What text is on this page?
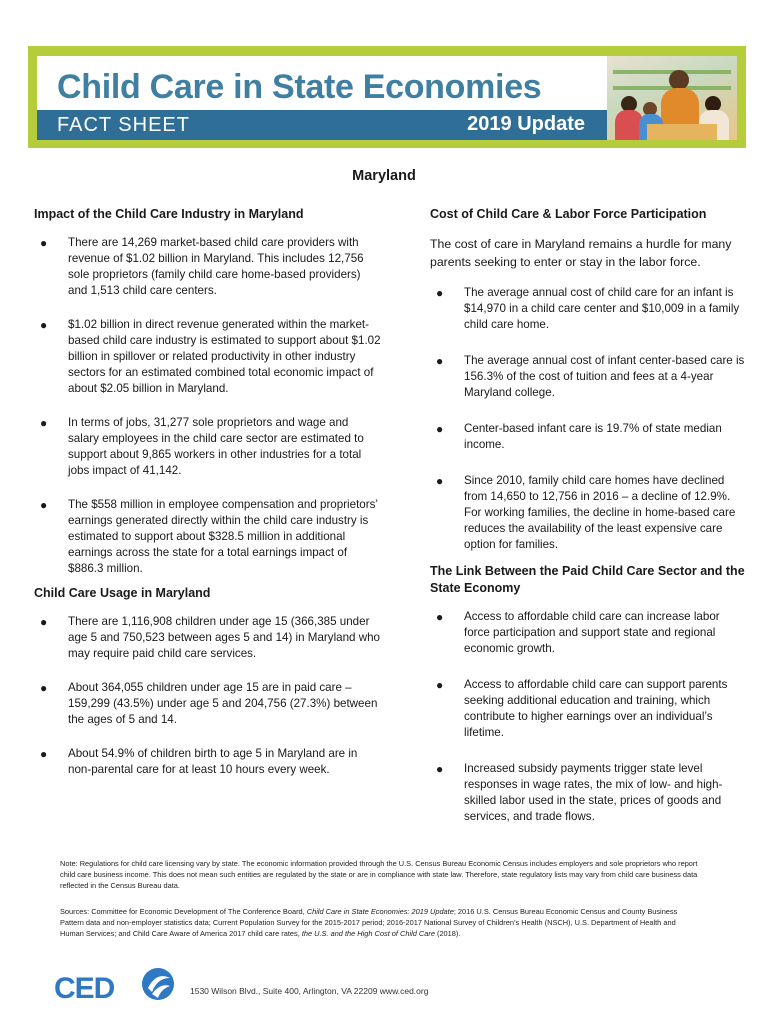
Child Care in State Economies
FACT SHEET	2019 Update
Maryland
Impact of the Child Care Industry in Maryland
● There are 14,269 market-based child care providers with revenue of $1.02 billion in Maryland. This includes 12,756 sole proprietors (family child care home-based providers) and 1,513 child care centers.
● $1.02 billion in direct revenue generated within the market-based child care industry is estimated to support about $1.02 billion in spillover or related productivity in other industry sectors for an estimated combined total economic impact of about $2.05 billion in Maryland.
● In terms of jobs, 31,277 sole proprietors and wage and salary employees in the child care sector are estimated to support about 9,865 workers in other industries for a total jobs impact of 41,142.
● The $558 million in employee compensation and proprietors’ earnings generated directly within the child care industry is estimated to support about $328.5 million in additional earnings across the state for a total earnings impact of $886.3 million.
Child Care Usage in Maryland
● There are 1,116,908 children under age 15 (366,385 under age 5 and 750,523 between ages 5 and 14) in Maryland who may require paid child care services.
● About 364,055 children under age 15 are in paid care – 159,299 (43.5%) under age 5 and 204,756 (27.3%) between the ages of 5 and 14.
● About 54.9% of children birth to age 5 in Maryland are in non-parental care for at least 10 hours every week.
Cost of Child Care & Labor Force Participation

The cost of care in Maryland remains a hurdle for many parents seeking to enter or stay in the labor force.

● The average annual cost of child care for an infant is $14,970 in a child care center and $10,009 in a family child care home.
● The average annual cost of infant center-based care is 156.3% of the cost of tuition and fees at a 4-year Maryland college.
● Center-based infant care is 19.7% of state median income.
● Since 2010, family child care homes have declined from 14,650 to 12,756 in 2016 – a decline of 12.9%. For working families, the decline in home-based care reduces the availability of the least expensive care option for families.
The Link Between the Paid Child Care Sector and the State Economy
● Access to affordable child care can increase labor force participation and support state and regional economic growth.
● Access to affordable child care can support parents seeking additional education and training, which contribute to higher earnings over an individual’s lifetime.
● Increased subsidy payments trigger state level responses in wage rates, the mix of low- and high-skilled labor used in the state, prices of goods and services, and trade flows.
Note: Regulations for child care licensing vary by state. The economic information provided through the U.S. Census Bureau Economic Census includes employers and sole proprietors who report child care business income. This does not mean such entities are regulated by the state or are in compliance with state law. Therefore, state regulatory lists may vary from child care business data reflected in the Census Bureau data.
Sources: Committee for Economic Development of The Conference Board, Child Care in State Economies: 2019 Update; 2016 U.S. Census Bureau Economic Census and County Business Pattern data and non-employer statistics data; Current Population Survey for the 2015-2017 period; 2016-2017 National Survey of Children’s Health (NSCH), U.S. Department of Health and Human Services; and Child Care Aware of America 2017 child care rates, the U.S. and the High Cost of Child Care (2018).
CED	1530 Wilson Blvd., Suite 400, Arlington, VA 22209 www.ced.org
